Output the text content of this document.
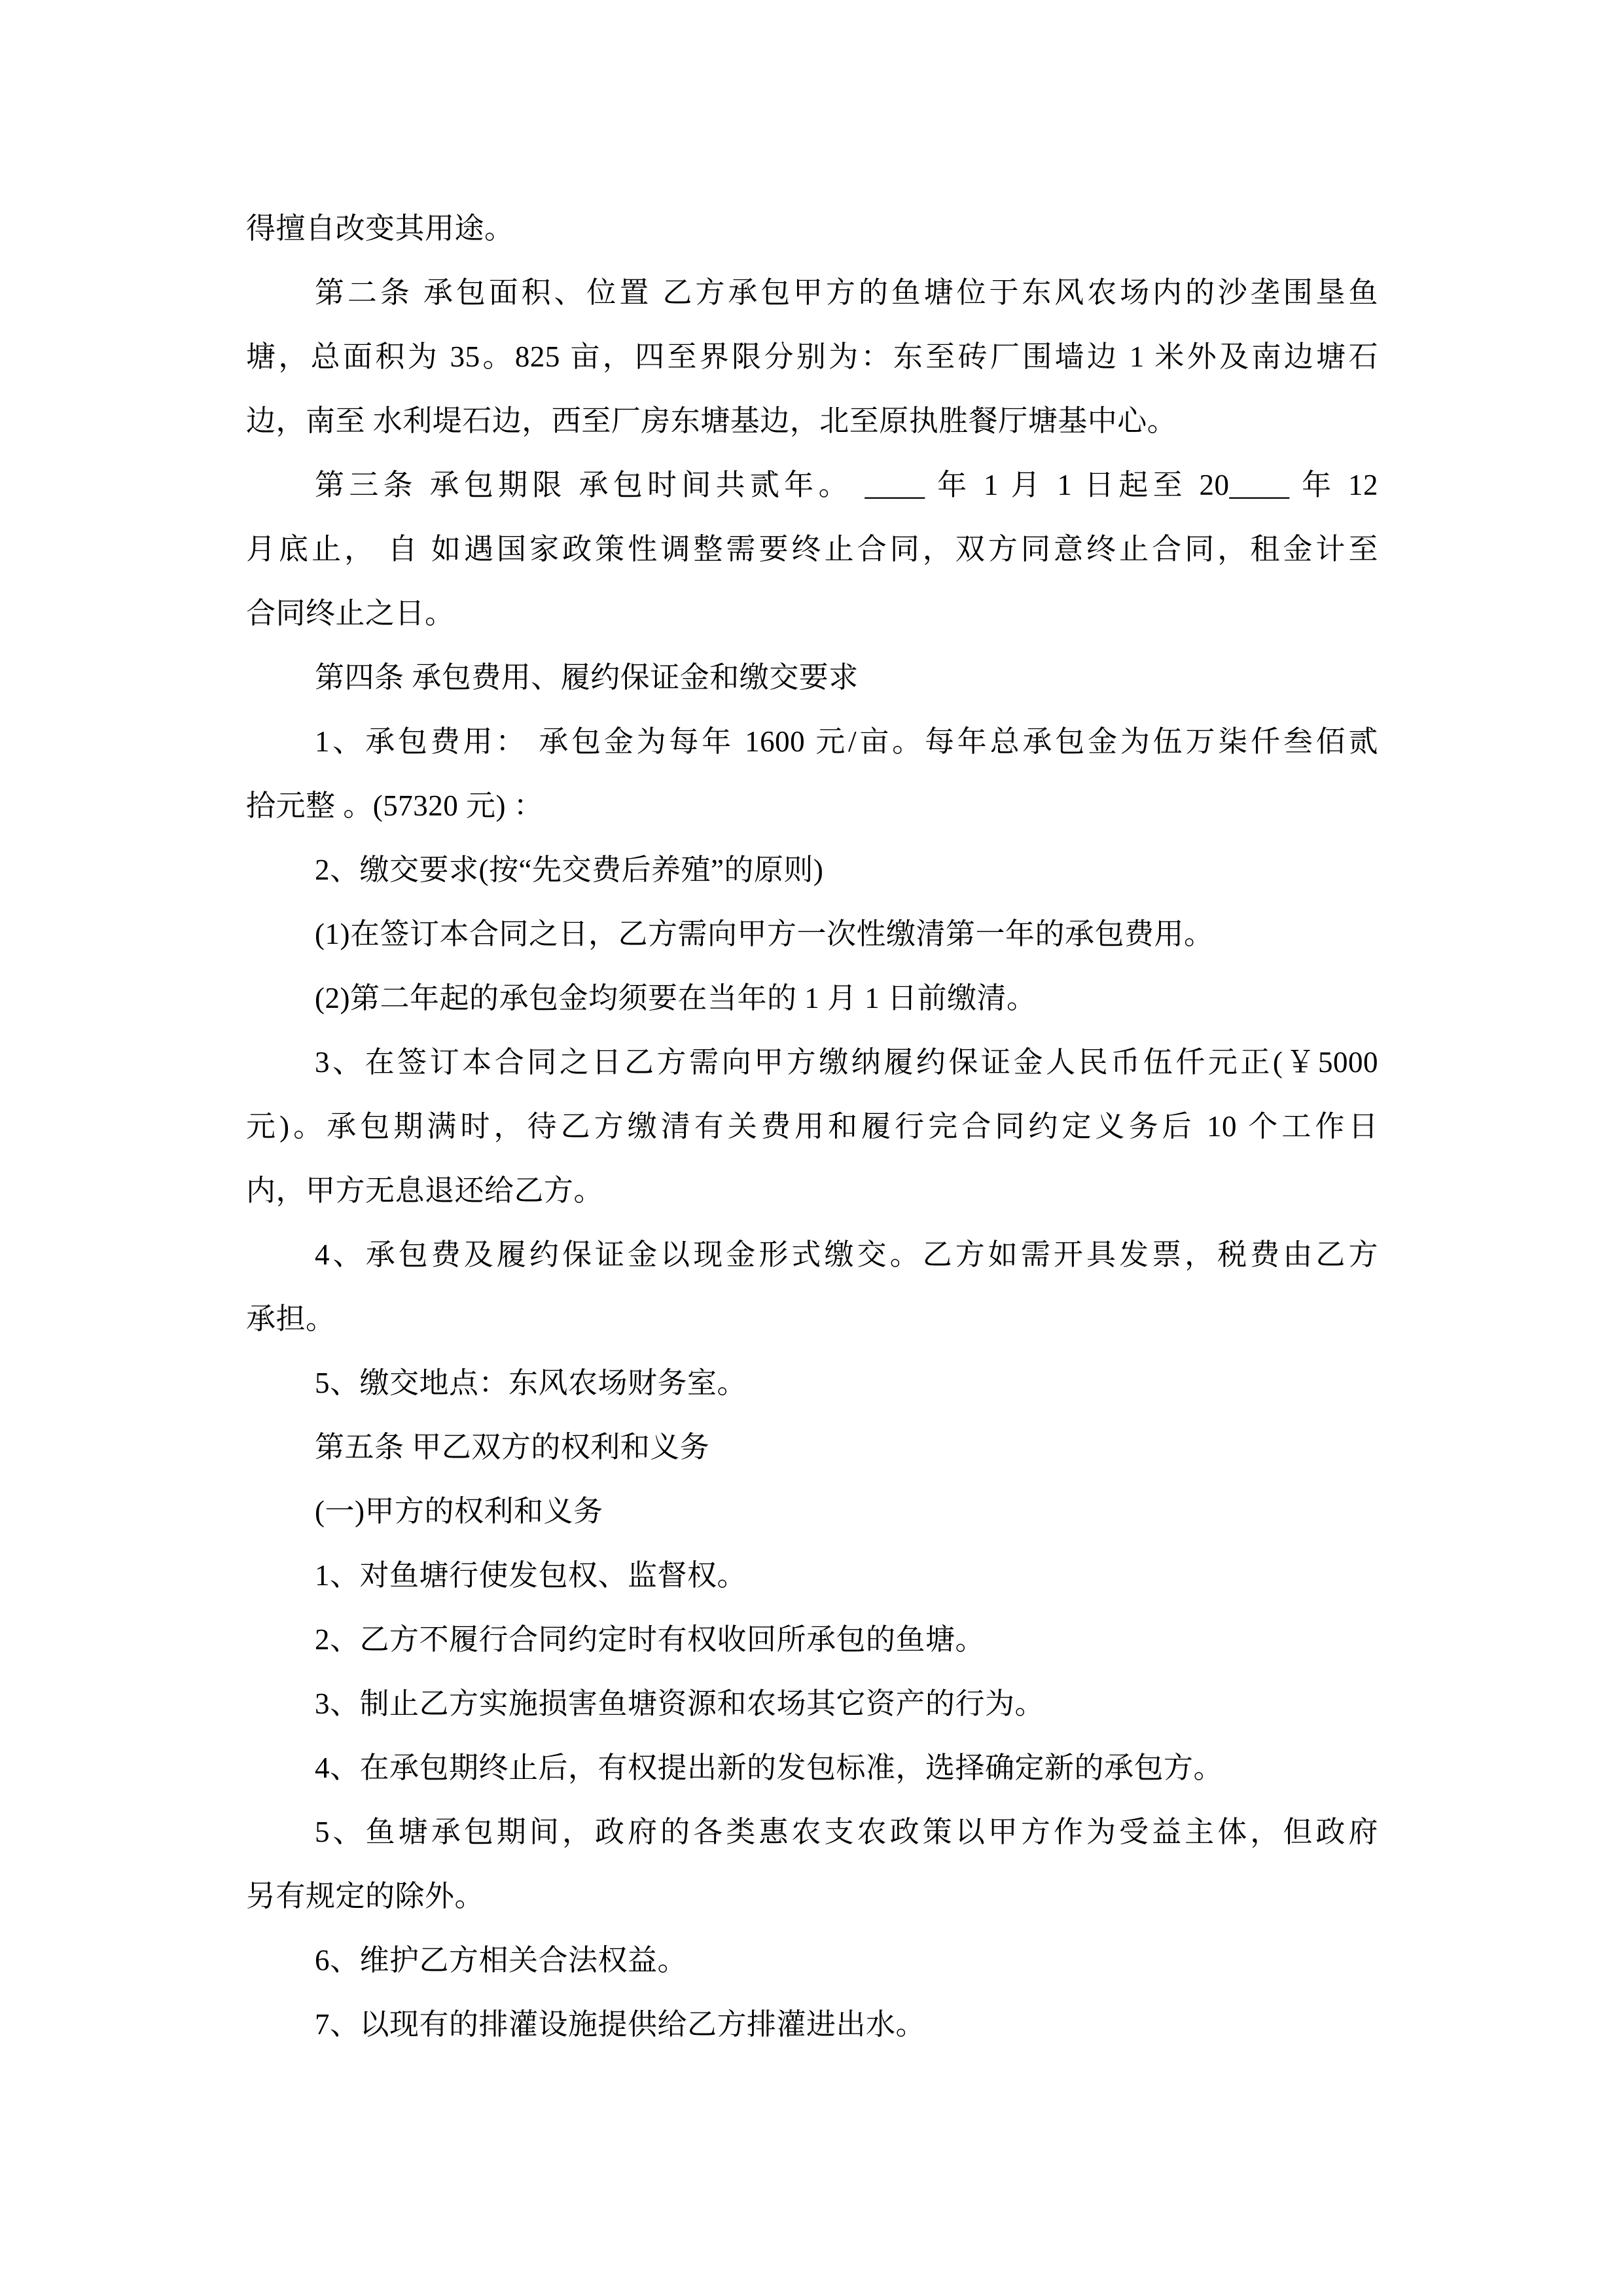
得擅自改变其用途。
第二条 承包面积、位置 乙方承包甲方的鱼塘位于东风农场内的沙垄围垦鱼
塘，总面积为 35。825 亩，四至界限分别为：东至砖厂围墙边 1 米外及南边塘石
边，南至 水利堤石边，西至厂房东塘基边，北至原执胜餐厅塘基中心。
第三条 承包期限 承包时间共贰年。 ____ 年 1 月 1 日起至 20____ 年 12
月底止， 自 如遇国家政策性调整需要终止合同，双方同意终止合同，租金计至
合同终止之日。
第四条 承包费用、履约保证金和缴交要求
1、承包费用： 承包金为每年 1600 元/亩。每年总承包金为伍万柒仟叁佰贰
拾元整 。(57320 元) ：
2、缴交要求(按“先交费后养殖”的原则)
(1)在签订本合同之日，乙方需向甲方一次性缴清第一年的承包费用。
(2)第二年起的承包金均须要在当年的 1 月 1 日前缴清。
3、在签订本合同之日乙方需向甲方缴纳履约保证金人民币伍仟元正(￥5000
元)。承包期满时，待乙方缴清有关费用和履行完合同约定义务后 10 个工作日
内，甲方无息退还给乙方。
4、承包费及履约保证金以现金形式缴交。乙方如需开具发票，税费由乙方
承担。
5、缴交地点：东风农场财务室。
第五条 甲乙双方的权利和义务
(一)甲方的权利和义务
1、对鱼塘行使发包权、监督权。
2、乙方不履行合同约定时有权收回所承包的鱼塘。
3、制止乙方实施损害鱼塘资源和农场其它资产的行为。
4、在承包期终止后，有权提出新的发包标准，选择确定新的承包方。
5、鱼塘承包期间，政府的各类惠农支农政策以甲方作为受益主体，但政府
另有规定的除外。
6、维护乙方相关合法权益。
7、以现有的排灌设施提供给乙方排灌进出水。
